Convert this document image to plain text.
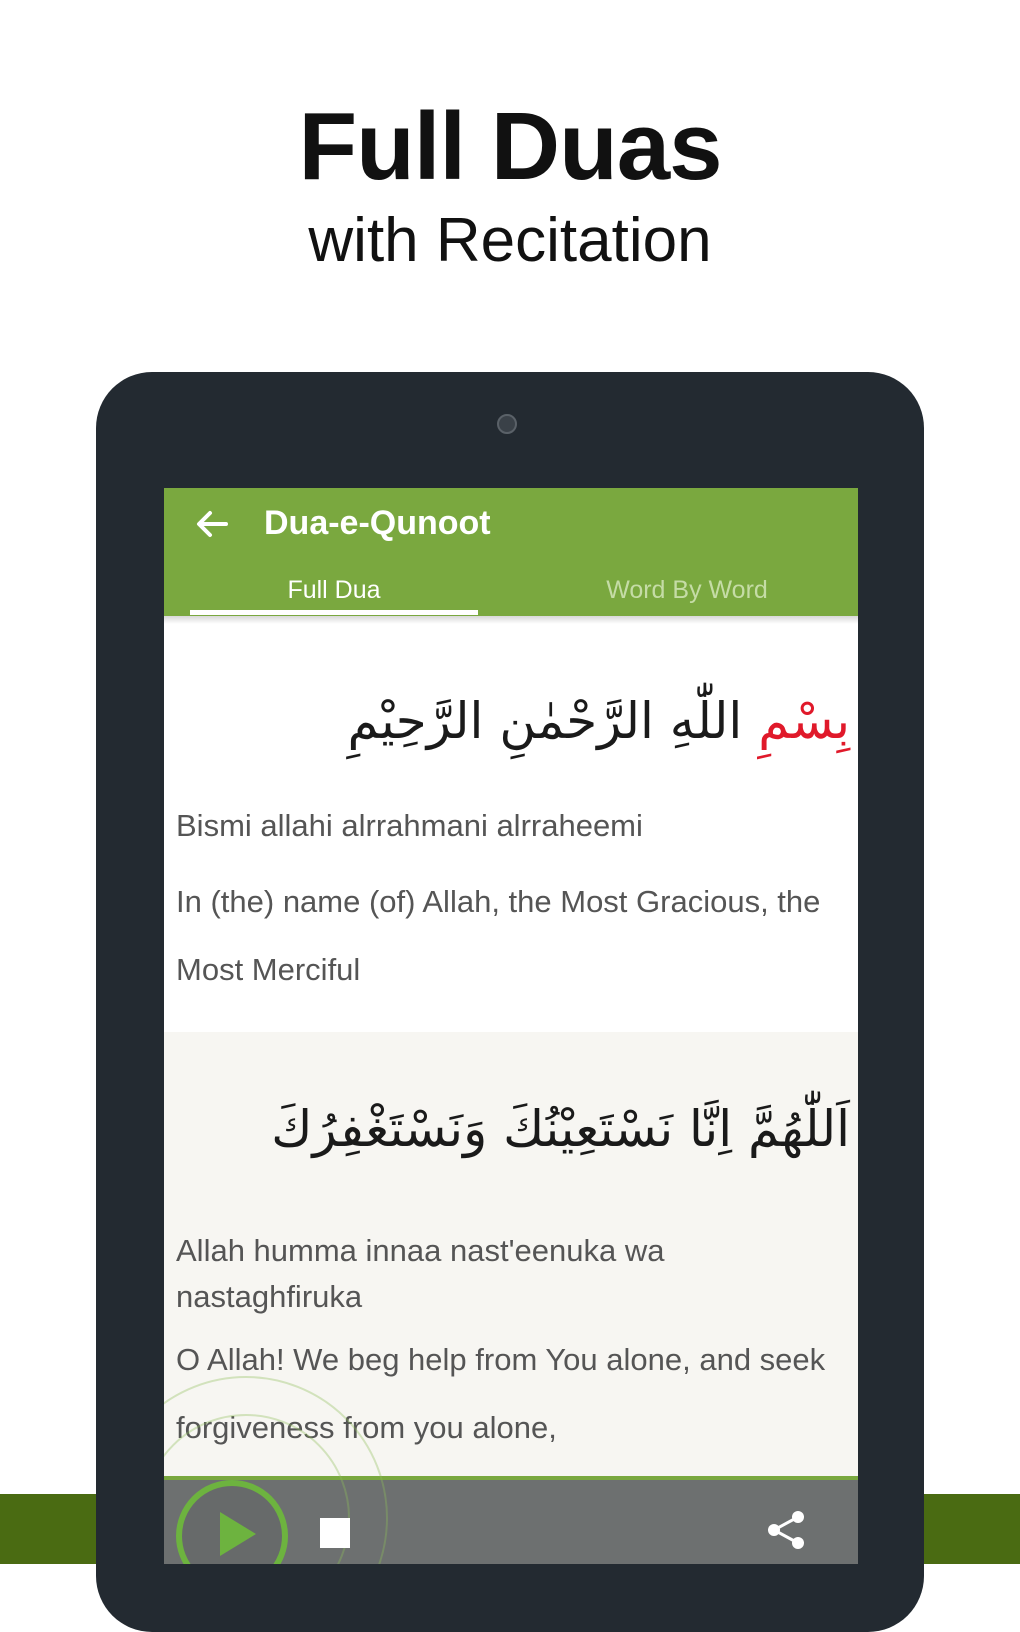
Full Duas
with Recitation
Dua-e-Qunoot
Full Dua	Word By Word
بِسْمِ اللّٰهِ الرَّحْمٰنِ الرَّحِيْمِ
Bismi allahi alrrahmani alrraheemi
In (the) name (of) Allah, the Most Gracious, the Most Merciful
اَللّٰهُمَّ اِنَّا نَسْتَعِيْنُكَ وَنَسْتَغْفِرُكَ
Allah humma innaa nast'eenuka wa nastaghfiruka
O Allah! We beg help from You alone, and seek forgiveness from you alone,
